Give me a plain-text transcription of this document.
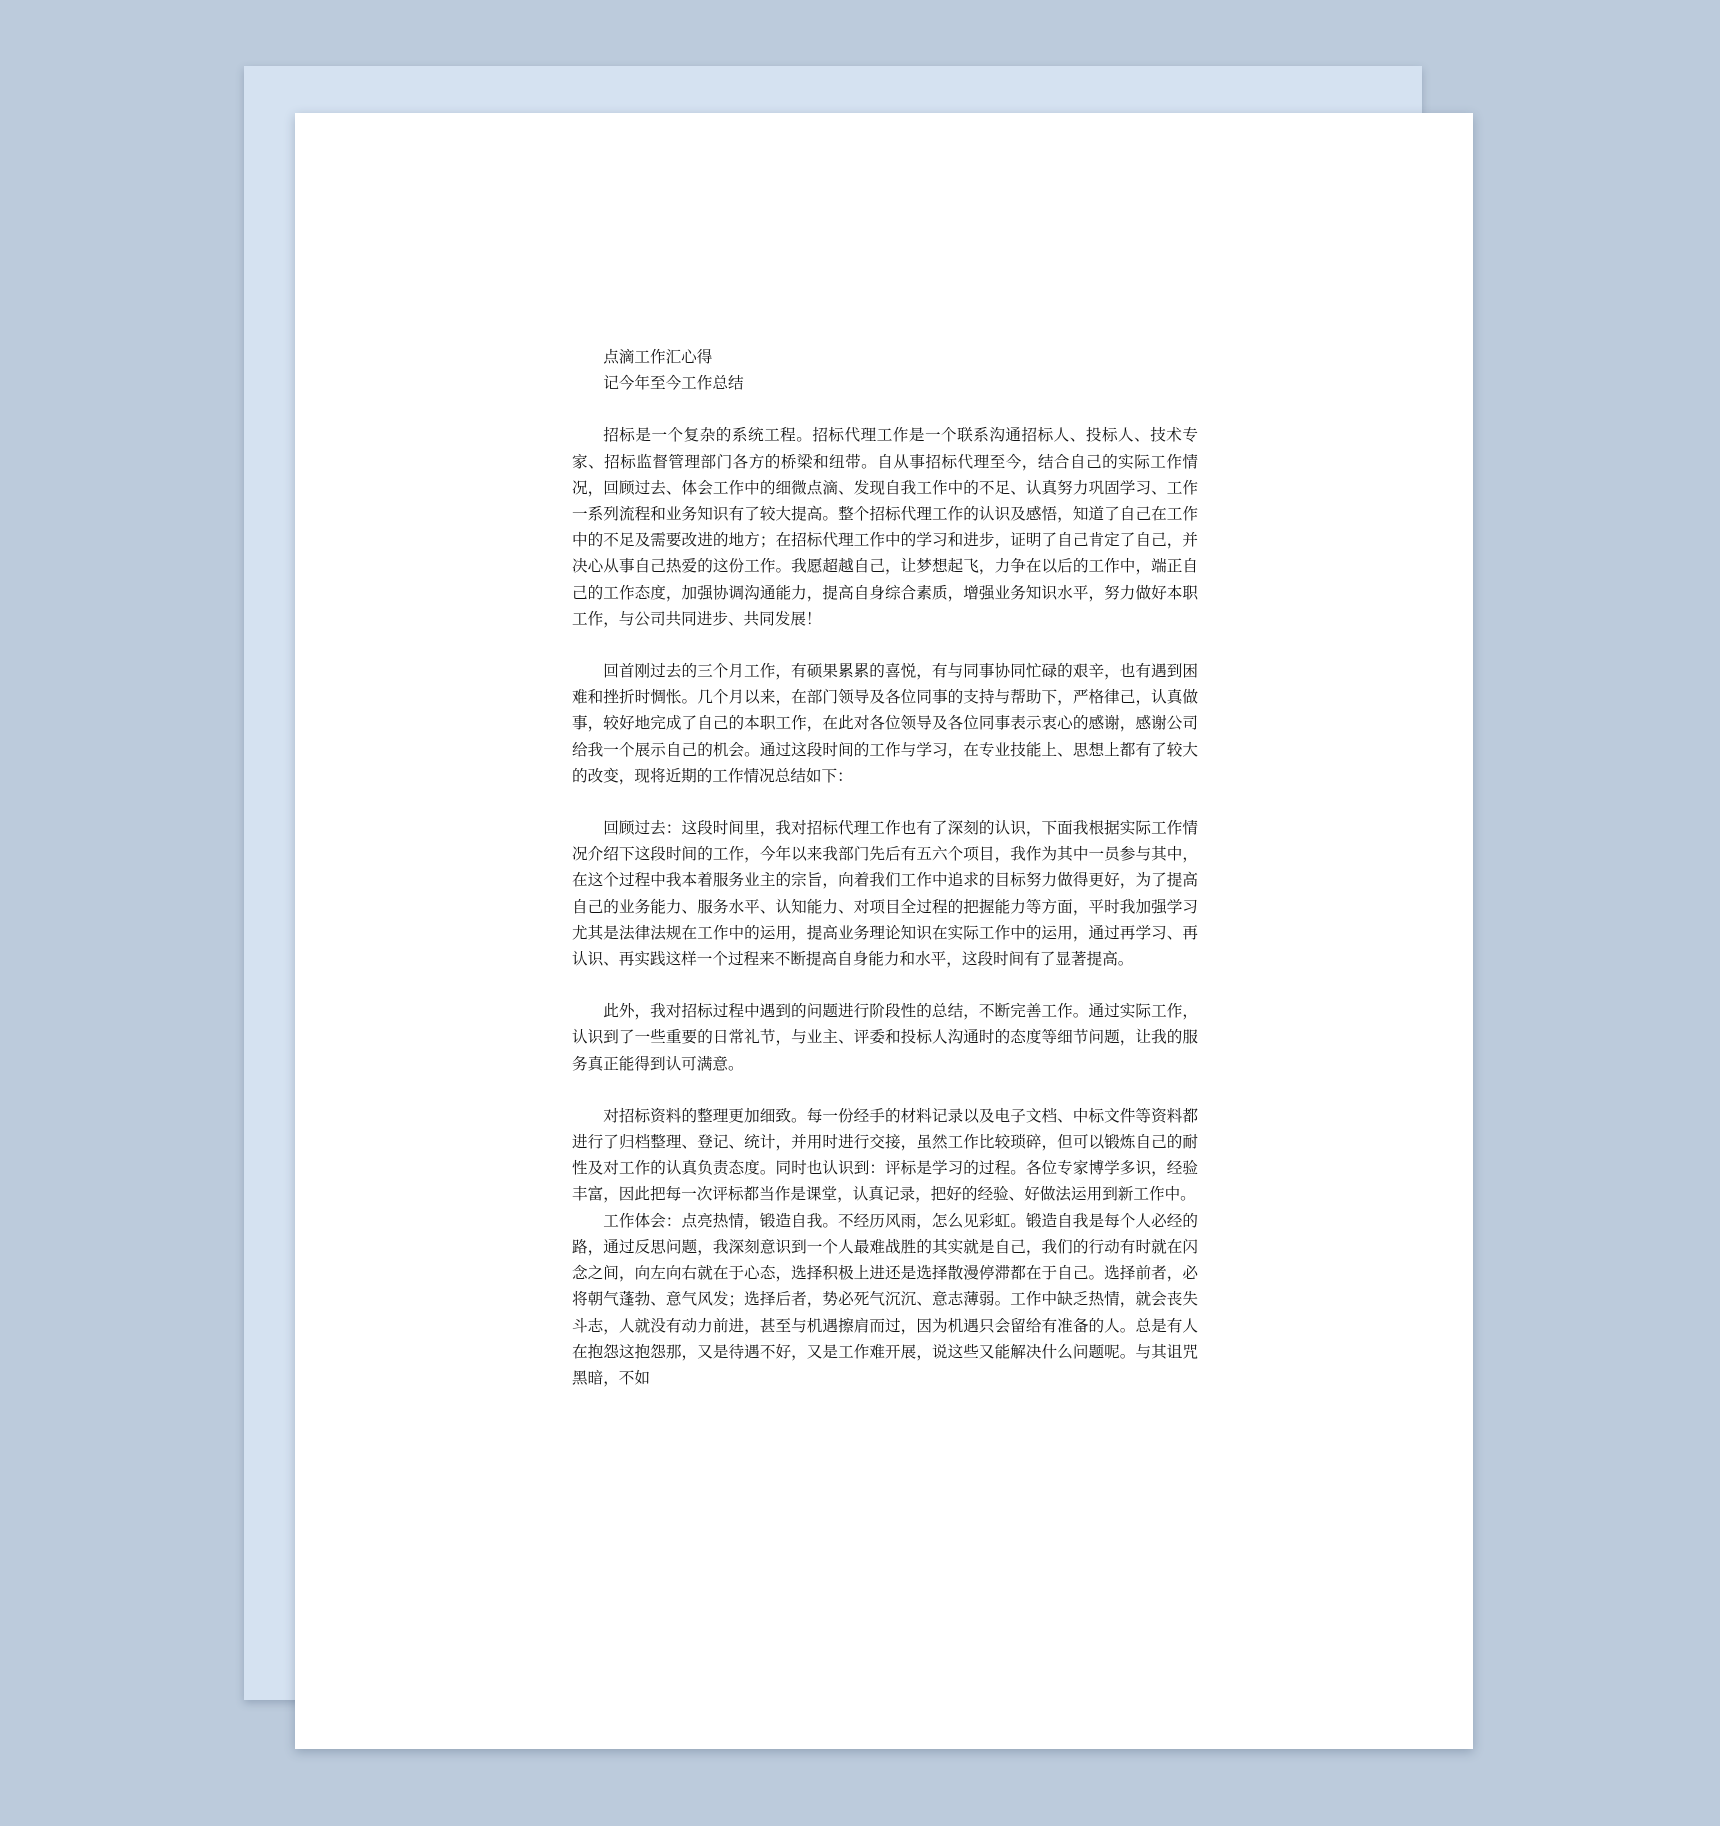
点滴工作汇心得

记今年至今工作总结

招标是一个复杂的系统工程。招标代理工作是一个联系沟通招标人、投标人、技术专家、招标监督管理部门各方的桥梁和纽带。自从事招标代理至今，结合自己的实际工作情况，回顾过去、体会工作中的细微点滴、发现自我工作中的不足、认真努力巩固学习、工作一系列流程和业务知识有了较大提高。整个招标代理工作的认识及感悟，知道了自己在工作中的不足及需要改进的地方；在招标代理工作中的学习和进步，证明了自己肯定了自己，并决心从事自己热爱的这份工作。我愿超越自己，让梦想起飞，力争在以后的工作中，端正自己的工作态度，加强协调沟通能力，提高自身综合素质，增强业务知识水平，努力做好本职工作，与公司共同进步、共同发展！

回首刚过去的三个月工作，有硕果累累的喜悦，有与同事协同忙碌的艰辛，也有遇到困难和挫折时惆怅。几个月以来，在部门领导及各位同事的支持与帮助下，严格律己，认真做事，较好地完成了自己的本职工作，在此对各位领导及各位同事表示衷心的感谢，感谢公司给我一个展示自己的机会。通过这段时间的工作与学习，在专业技能上、思想上都有了较大的改变，现将近期的工作情况总结如下：

回顾过去：这段时间里，我对招标代理工作也有了深刻的认识，下面我根据实际工作情况介绍下这段时间的工作，今年以来我部门先后有五六个项目，我作为其中一员参与其中，在这个过程中我本着服务业主的宗旨，向着我们工作中追求的目标努力做得更好，为了提高自己的业务能力、服务水平、认知能力、对项目全过程的把握能力等方面，平时我加强学习尤其是法律法规在工作中的运用，提高业务理论知识在实际工作中的运用，通过再学习、再认识、再实践这样一个过程来不断提高自身能力和水平，这段时间有了显著提高。

此外，我对招标过程中遇到的问题进行阶段性的总结，不断完善工作。通过实际工作，认识到了一些重要的日常礼节，与业主、评委和投标人沟通时的态度等细节问题，让我的服务真正能得到认可满意。

对招标资料的整理更加细致。每一份经手的材料记录以及电子文档、中标文件等资料都进行了归档整理、登记、统计，并用时进行交接，虽然工作比较琐碎，但可以锻炼自己的耐性及对工作的认真负责态度。同时也认识到：评标是学习的过程。各位专家博学多识，经验丰富，因此把每一次评标都当作是课堂，认真记录，把好的经验、好做法运用到新工作中。

工作体会：点亮热情，锻造自我。不经历风雨，怎么见彩虹。锻造自我是每个人必经的路，通过反思问题，我深刻意识到一个人最难战胜的其实就是自己，我们的行动有时就在闪念之间，向左向右就在于心态，选择积极上进还是选择散漫停滞都在于自己。选择前者，必将朝气蓬勃、意气风发；选择后者，势必死气沉沉、意志薄弱。工作中缺乏热情，就会丧失斗志，人就没有动力前进，甚至与机遇擦肩而过，因为机遇只会留给有准备的人。总是有人在抱怨这抱怨那，又是待遇不好，又是工作难开展，说这些又能解决什么问题呢。与其诅咒黑暗，不如
